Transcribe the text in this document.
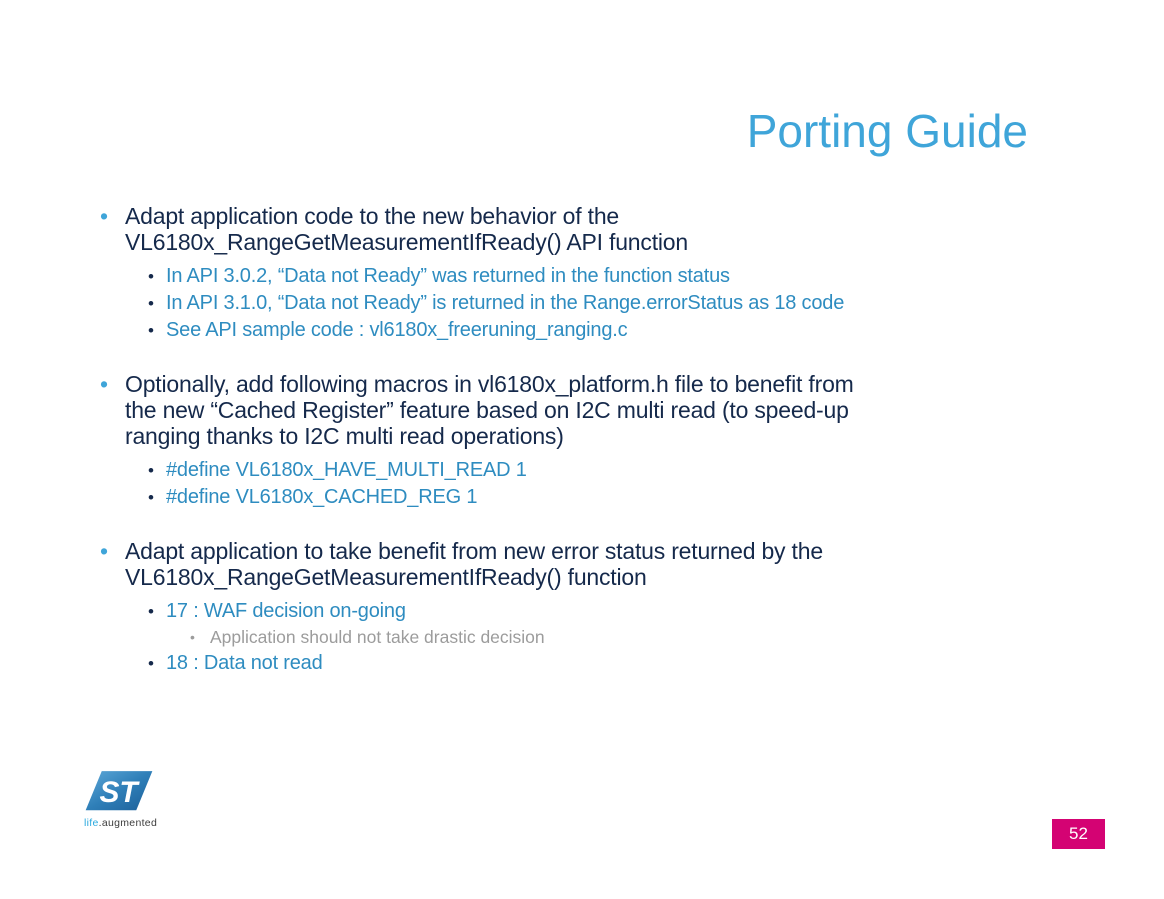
Porting Guide
• Adapt application code to the new behavior of the
VL6180x_RangeGetMeasurementIfReady() API function
• In API 3.0.2, “Data not Ready” was returned in the function status
• In API 3.1.0, “Data not Ready” is returned in the Range.errorStatus as 18 code
• See API sample code : vl6180x_freeruning_ranging.c
• Optionally, add following macros in vl6180x_platform.h file to benefit from
the new “Cached Register” feature based on I2C multi read (to speed-up
ranging thanks to I2C multi read operations)
• #define VL6180x_HAVE_MULTI_READ 1
• #define VL6180x_CACHED_REG 1
• Adapt application to take benefit from new error status returned by the
VL6180x_RangeGetMeasurementIfReady() function
• 17 : WAF decision on-going
• Application should not take drastic decision
• 18 : Data not read
ST
life.augmented
52
